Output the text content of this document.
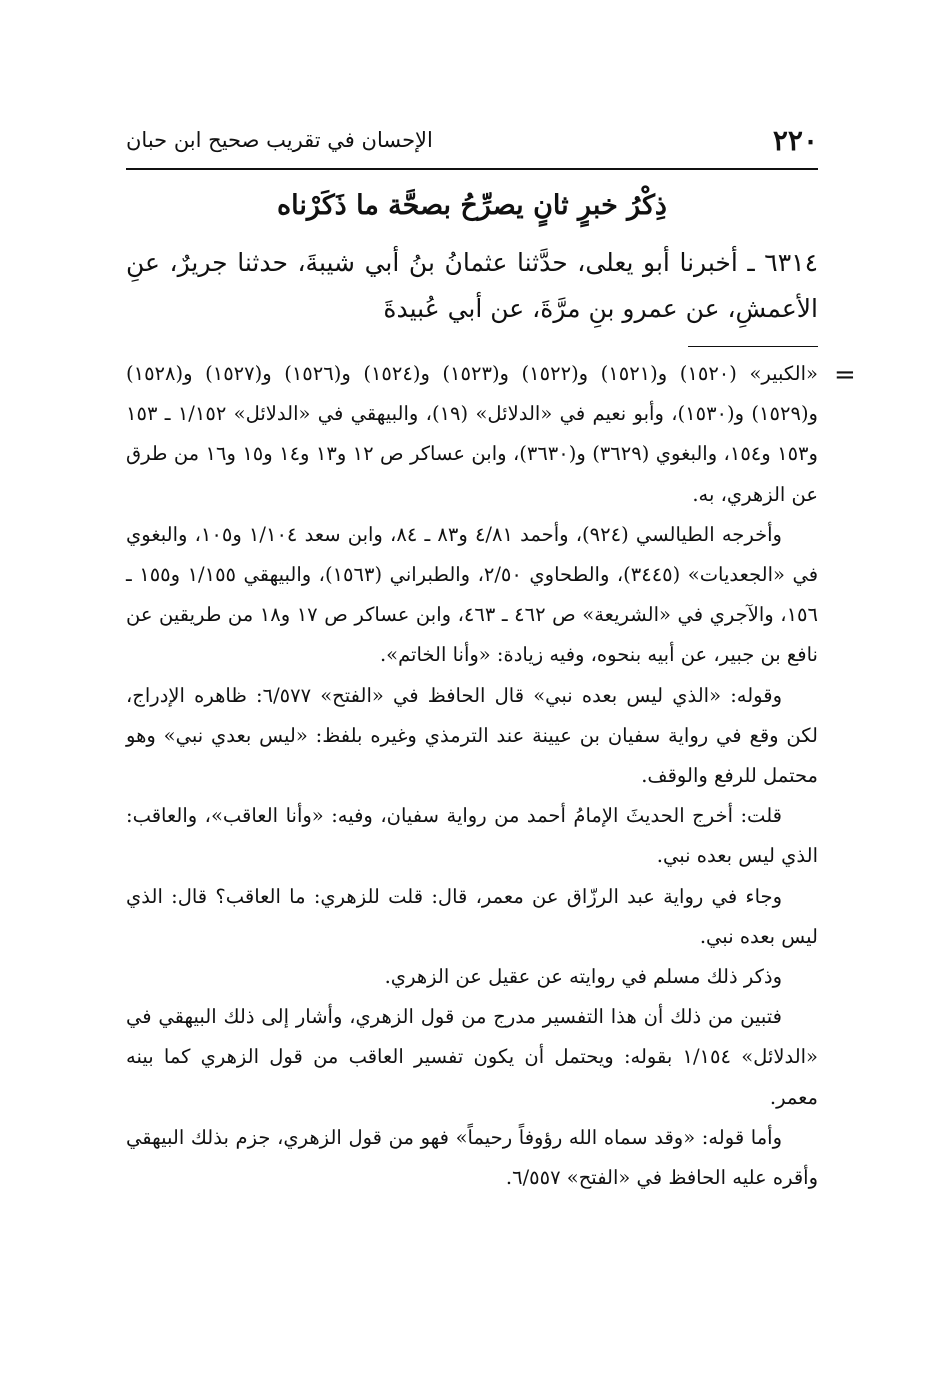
٢٢٠
الإحسان في تقريب صحيح ابن حبان
ذِكْرُ خبرٍ ثانٍ يصرِّحُ بصحَّة ما ذَكَرْناه

٦٣١٤ ـ أخبرنا أبو يعلى، حدَّثنا عثمانُ بنُ أبي شيبةَ، حدثنا جريرٌ، عنِ الأعمشِ، عن عمرو بنِ مرَّةَ، عن أبي عُبيدةَ

=

«الكبير» (١٥٢٠) و(١٥٢١) و(١٥٢٢) و(١٥٢٣) و(١٥٢٤) و(١٥٢٦) و(١٥٢٧) و(١٥٢٨) و(١٥٢٩) و(١٥٣٠)، وأبو نعيم في «الدلائل» (١٩)، والبيهقي في «الدلائل» ١/١٥٢ ـ ١٥٣ و١٥٣ و١٥٤، والبغوي (٣٦٢٩) و(٣٦٣٠)، وابن عساكر ص ١٢ و١٣ و١٤ و١٥ و١٦ من طرق عن الزهري، به.

وأخرجه الطيالسي (٩٢٤)، وأحمد ٤/٨١ و٨٣ ـ ٨٤، وابن سعد ١/١٠٤ و١٠٥، والبغوي في «الجعديات» (٣٤٤٥)، والطحاوي ٢/٥٠، والطبراني (١٥٦٣)، والبيهقي ١/١٥٥ و١٥٥ ـ ١٥٦، والآجري في «الشريعة» ص ٤٦٢ ـ ٤٦٣، وابن عساكر ص ١٧ و١٨ من طريقين عن نافع بن جبير، عن أبيه بنحوه، وفيه زيادة: «وأنا الخاتم».

وقوله: «الذي ليس بعده نبي» قال الحافظ في «الفتح» ٦/٥٧٧: ظاهره الإدراج، لكن وقع في رواية سفيان بن عيينة عند الترمذي وغيره بلفظ: «ليس بعدي نبي» وهو محتمل للرفع والوقف.

قلت: أخرج الحديثَ الإمامُ أحمد من رواية سفيان، وفيه: «وأنا العاقب»، والعاقب: الذي ليس بعده نبي.

وجاء في رواية عبد الرزّاق عن معمر، قال: قلت للزهري: ما العاقب؟ قال: الذي ليس بعده نبي.

وذكر ذلك مسلم في روايته عن عقيل عن الزهري.

فتبين من ذلك أن هذا التفسير مدرج من قول الزهري، وأشار إلى ذلك البيهقي في «الدلائل» ١/١٥٤ بقوله: ويحتمل أن يكون تفسير العاقب من قول الزهري كما بينه معمر.

وأما قوله: «وقد سماه الله رؤوفاً رحيماً» فهو من قول الزهري، جزم بذلك البيهقي وأقره عليه الحافظ في «الفتح» ٦/٥٥٧.
